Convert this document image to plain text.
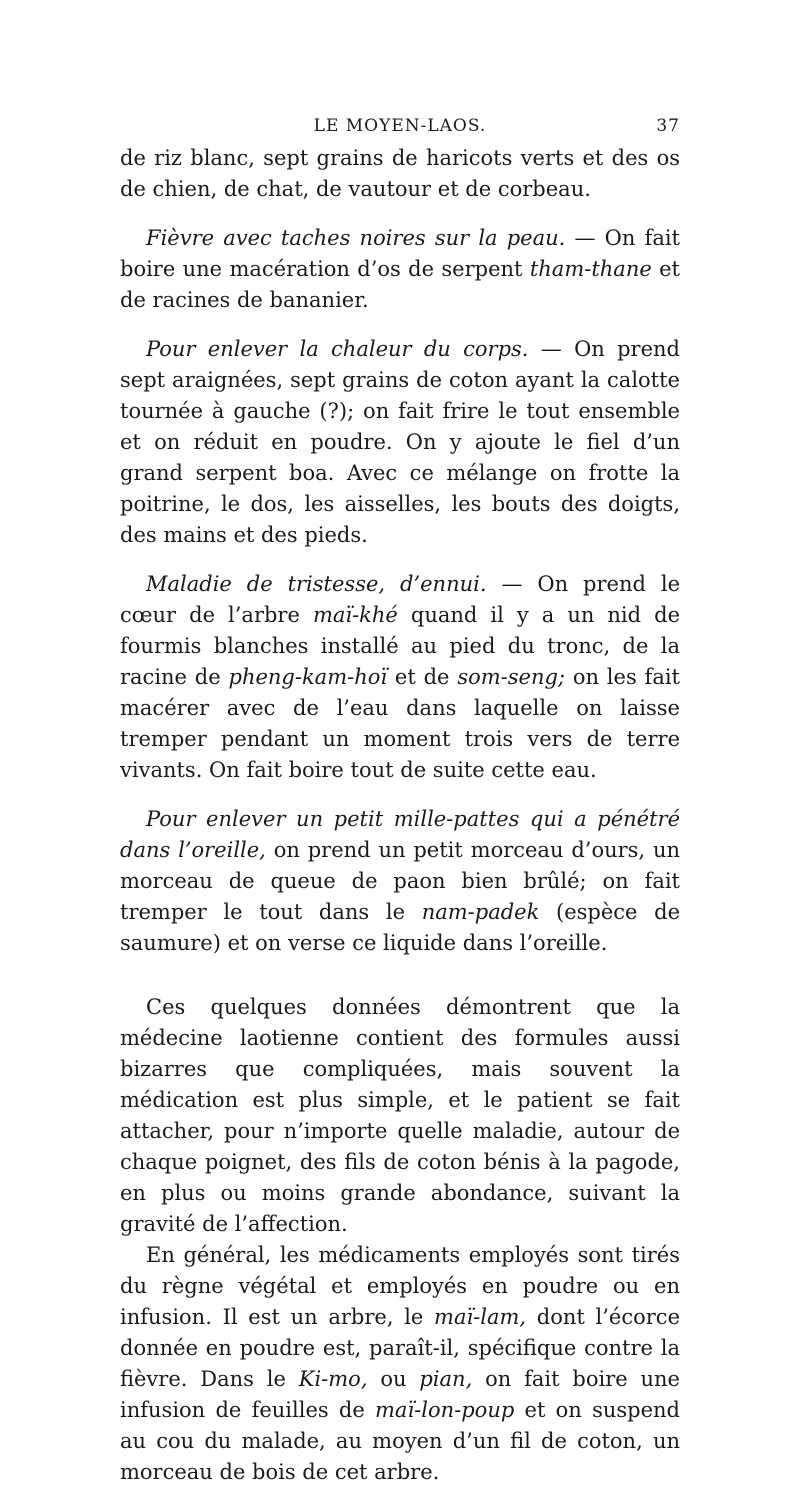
LE MOYEN-LAOS.	37

de riz blanc, sept grains de haricots verts et des os de chien, de chat, de vautour et de corbeau.

Fièvre avec taches noires sur la peau. — On fait boire une macération d’os de serpent tham-thane et de racines de bananier.

Pour enlever la chaleur du corps. — On prend sept araignées, sept grains de coton ayant la calotte tournée à gauche (?); on fait frire le tout ensemble et on réduit en poudre. On y ajoute le fiel d’un grand serpent boa. Avec ce mélange on frotte la poitrine, le dos, les aisselles, les bouts des doigts, des mains et des pieds.

Maladie de tristesse, d’ennui. — On prend le cœur de l’arbre maï-khé quand il y a un nid de fourmis blanches installé au pied du tronc, de la racine de pheng-kam-hoï et de som-seng; on les fait macérer avec de l’eau dans laquelle on laisse tremper pendant un moment trois vers de terre vivants. On fait boire tout de suite cette eau.

Pour enlever un petit mille-pattes qui a pénétré dans l’oreille, on prend un petit morceau d’ours, un morceau de queue de paon bien brûlé; on fait tremper le tout dans le nam-padek (espèce de saumure) et on verse ce liquide dans l’oreille.

Ces quelques données démontrent que la médecine laotienne contient des formules aussi bizarres que compliquées, mais souvent la médication est plus simple, et le patient se fait attacher, pour n’importe quelle maladie, autour de chaque poignet, des fils de coton bénis à la pagode, en plus ou moins grande abondance, suivant la gravité de l’affection.

En général, les médicaments employés sont tirés du règne végétal et employés en poudre ou en infusion. Il est un arbre, le maï-lam, dont l’écorce donnée en poudre est, paraît-il, spécifique contre la fièvre. Dans le Ki-mo, ou pian, on fait boire une infusion de feuilles de maï-lon-poup et on suspend au cou du malade, au moyen d’un fil de coton, un morceau de bois de cet arbre.
